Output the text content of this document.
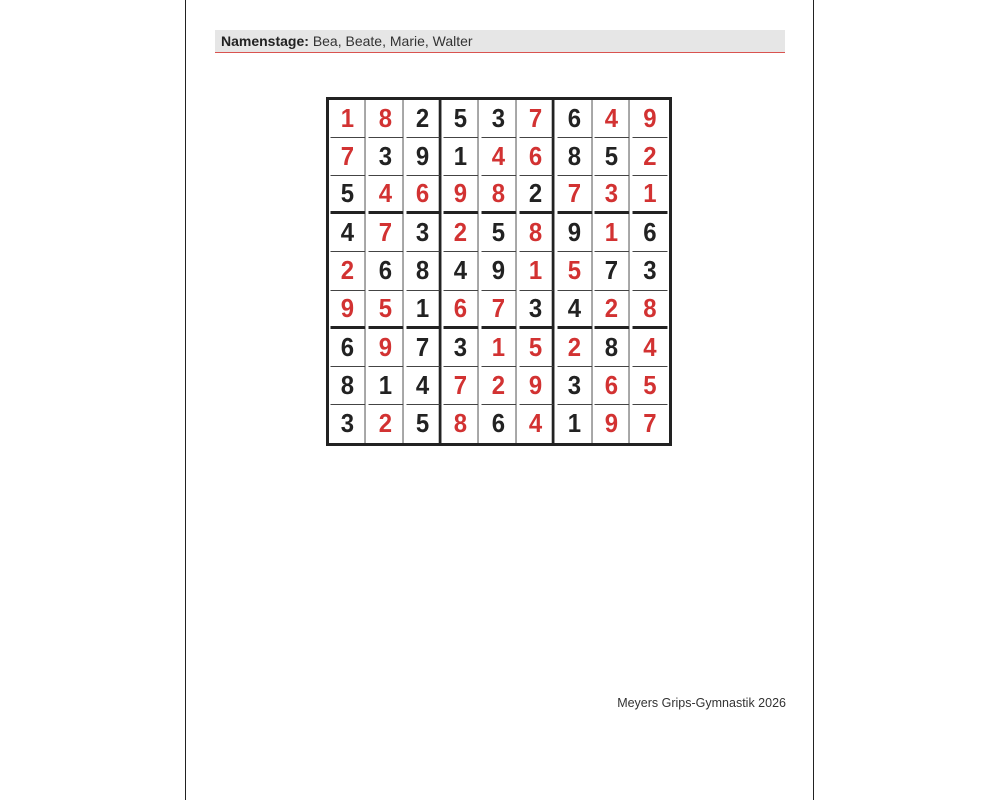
Namenstage: Bea, Beate, Marie, Walter
1 8 2 5 3 7 6 4 9
7 3 9 1 4 6 8 5 2
5 4 6 9 8 2 7 3 1
4 7 3 2 5 8 9 1 6
2 6 8 4 9 1 5 7 3
9 5 1 6 7 3 4 2 8
6 9 7 3 1 5 2 8 4
8 1 4 7 2 9 3 6 5
3 2 5 8 6 4 1 9 7
Meyers Grips-Gymnastik 2026
